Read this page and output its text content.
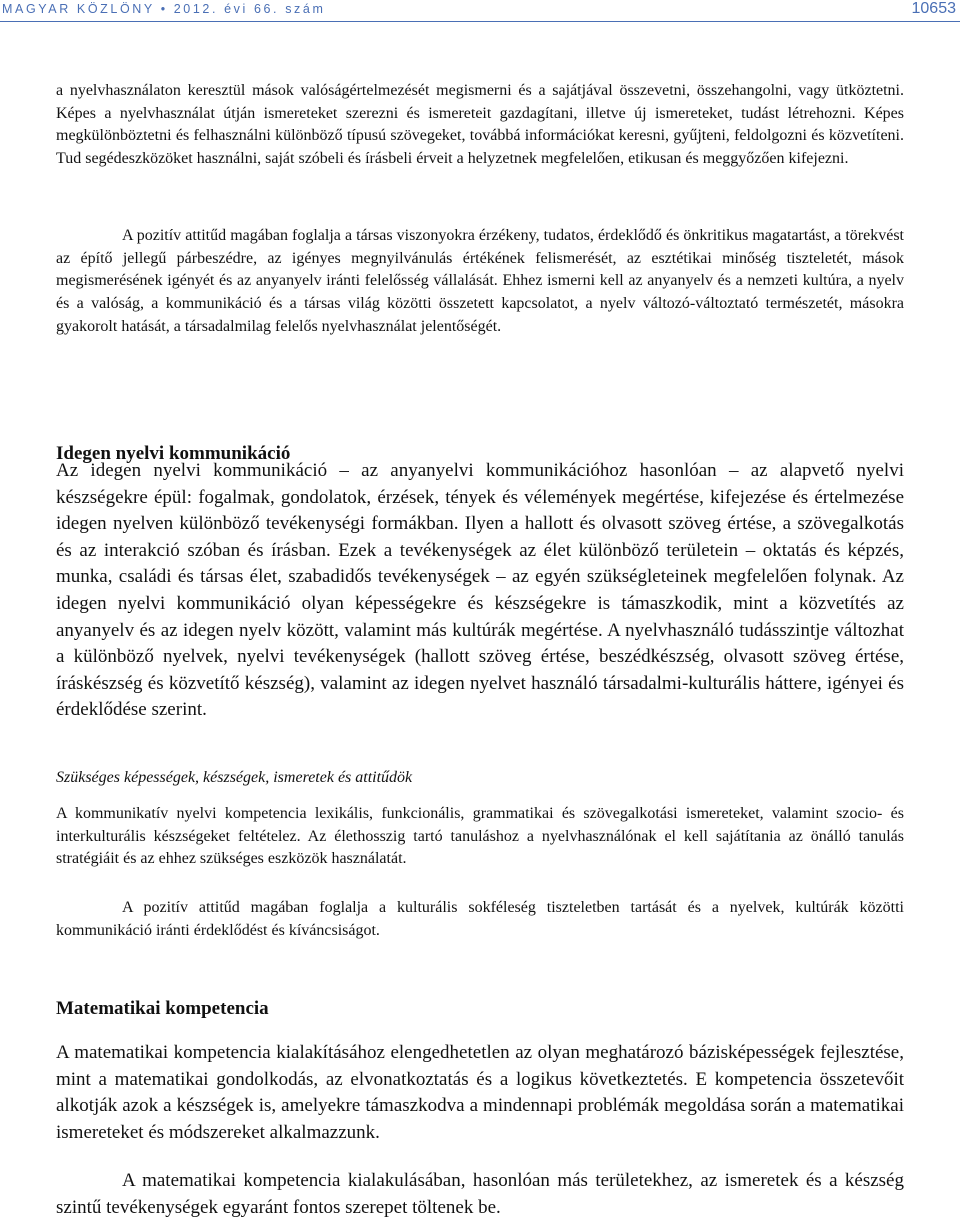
MAGYAR KÖZLÖNY • 2012. évi 66. szám	10653

a nyelvhasználaton keresztül mások valóságértelmezését megismerni és a sajátjával összevetni, összehangolni, vagy ütköztetni. Képes a nyelvhasználat útján ismereteket szerezni és ismereteit gazdagítani, illetve új ismereteket, tudást létrehozni. Képes megkülönböztetni és felhasználni különböző típusú szövegeket, továbbá információkat keresni, gyűjteni, feldolgozni és közvetíteni. Tud segédeszközöket használni, saját szóbeli és írásbeli érveit a helyzetnek megfelelően, etikusan és meggyőzően kifejezni.

A pozitív attitűd magában foglalja a társas viszonyokra érzékeny, tudatos, érdeklődő és önkritikus magatartást, a törekvést az építő jellegű párbeszédre, az igényes megnyilvánulás értékének felismerését, az esztétikai minőség tiszteletét, mások megismerésének igényét és az anyanyelv iránti felelősség vállalását. Ehhez ismerni kell az anyanyelv és a nemzeti kultúra, a nyelv és a valóság, a kommunikáció és a társas világ közötti összetett kapcsolatot, a nyelv változó-változtató természetét, másokra gyakorolt hatását, a társadalmilag felelős nyelvhasználat jelentőségét.

Idegen nyelvi kommunikáció

Az idegen nyelvi kommunikáció – az anyanyelvi kommunikációhoz hasonlóan – az alapvető nyelvi készségekre épül: fogalmak, gondolatok, érzések, tények és vélemények megértése, kifejezése és értelmezése idegen nyelven különböző tevékenységi formákban. Ilyen a hallott és olvasott szöveg értése, a szövegalkotás és az interakció szóban és írásban. Ezek a tevékenységek az élet különböző területein – oktatás és képzés, munka, családi és társas élet, szabadidős tevékenységek – az egyén szükségleteinek megfelelően folynak. Az idegen nyelvi kommunikáció olyan képességekre és készségekre is támaszkodik, mint a közvetítés az anyanyelv és az idegen nyelv között, valamint más kultúrák megértése. A nyelvhasználó tudásszintje változhat a különböző nyelvek, nyelvi tevékenységek (hallott szöveg értése, beszédkészség, olvasott szöveg értése, íráskészség és közvetítő készség), valamint az idegen nyelvet használó társadalmi-kulturális háttere, igényei és érdeklődése szerint.

Szükséges képességek, készségek, ismeretek és attitűdök

A kommunikatív nyelvi kompetencia lexikális, funkcionális, grammatikai és szövegalkotási ismereteket, valamint szocio- és interkulturális készségeket feltételez. Az élethosszig tartó tanuláshoz a nyelvhasználónak el kell sajátítania az önálló tanulás stratégiáit és az ehhez szükséges eszközök használatát.

A pozitív attitűd magában foglalja a kulturális sokféleség tiszteletben tartását és a nyelvek, kultúrák közötti kommunikáció iránti érdeklődést és kíváncsiságot.

Matematikai kompetencia

A matematikai kompetencia kialakításához elengedhetetlen az olyan meghatározó bázisképességek fejlesztése, mint a matematikai gondolkodás, az elvonatkoztatás és a logikus következtetés. E kompetencia összetevőit alkotják azok a készségek is, amelyekre támaszkodva a mindennapi problémák megoldása során a matematikai ismereteket és módszereket alkalmazzunk.

A matematikai kompetencia kialakulásában, hasonlóan más területekhez, az ismeretek és a készség szintű tevékenységek egyaránt fontos szerepet töltenek be.
